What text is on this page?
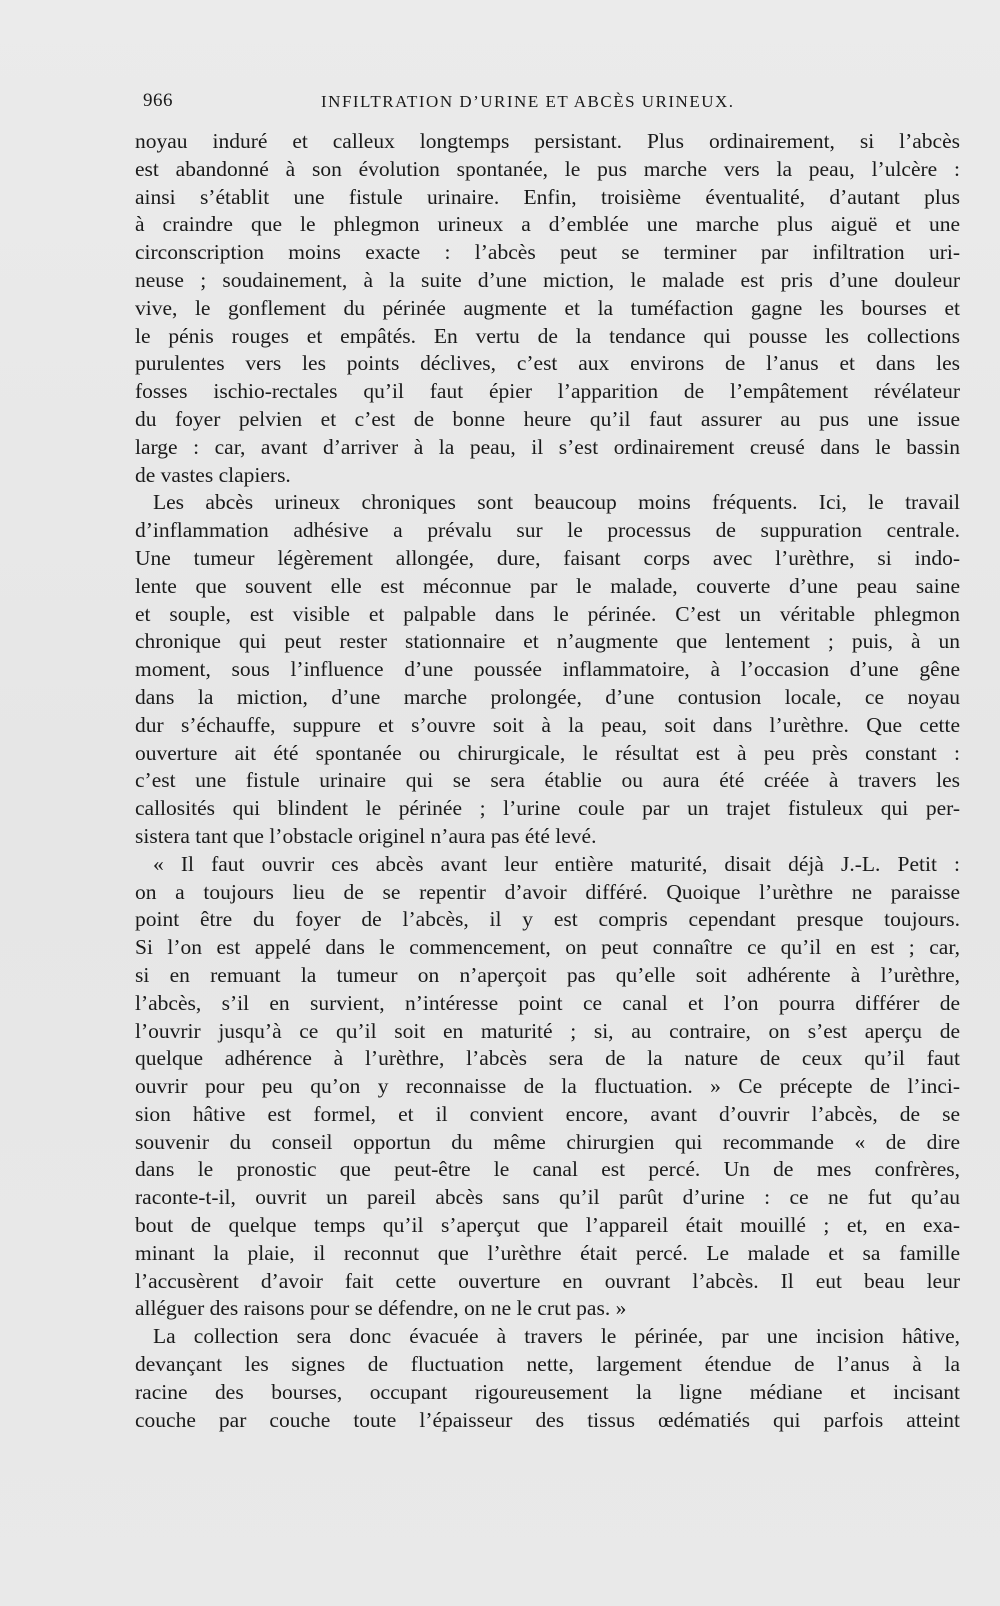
966	INFILTRATION D’URINE ET ABCÈS URINEUX.
noyau induré et calleux longtemps persistant. Plus ordinairement, si l’abcès
est abandonné à son évolution spontanée, le pus marche vers la peau, l’ulcère :
ainsi s’établit une fistule urinaire. Enfin, troisième éventualité, d’autant plus
à craindre que le phlegmon urineux a d’emblée une marche plus aiguë et une
circonscription moins exacte : l’abcès peut se terminer par infiltration uri-
neuse ; soudainement, à la suite d’une miction, le malade est pris d’une douleur
vive, le gonflement du périnée augmente et la tuméfaction gagne les bourses et
le pénis rouges et empâtés. En vertu de la tendance qui pousse les collections
purulentes vers les points déclives, c’est aux environs de l’anus et dans les
fosses ischio-rectales qu’il faut épier l’apparition de l’empâtement révélateur
du foyer pelvien et c’est de bonne heure qu’il faut assurer au pus une issue
large : car, avant d’arriver à la peau, il s’est ordinairement creusé dans le bassin
de vastes clapiers.
Les abcès urineux chroniques sont beaucoup moins fréquents. Ici, le travail
d’inflammation adhésive a prévalu sur le processus de suppuration centrale.
Une tumeur légèrement allongée, dure, faisant corps avec l’urèthre, si indo-
lente que souvent elle est méconnue par le malade, couverte d’une peau saine
et souple, est visible et palpable dans le périnée. C’est un véritable phlegmon
chronique qui peut rester stationnaire et n’augmente que lentement ; puis, à un
moment, sous l’influence d’une poussée inflammatoire, à l’occasion d’une gêne
dans la miction, d’une marche prolongée, d’une contusion locale, ce noyau
dur s’échauffe, suppure et s’ouvre soit à la peau, soit dans l’urèthre. Que cette
ouverture ait été spontanée ou chirurgicale, le résultat est à peu près constant :
c’est une fistule urinaire qui se sera établie ou aura été créée à travers les
callosités qui blindent le périnée ; l’urine coule par un trajet fistuleux qui per-
sistera tant que l’obstacle originel n’aura pas été levé.
« Il faut ouvrir ces abcès avant leur entière maturité, disait déjà J.-L. Petit :
on a toujours lieu de se repentir d’avoir différé. Quoique l’urèthre ne paraisse
point être du foyer de l’abcès, il y est compris cependant presque toujours.
Si l’on est appelé dans le commencement, on peut connaître ce qu’il en est ; car,
si en remuant la tumeur on n’aperçoit pas qu’elle soit adhérente à l’urèthre,
l’abcès, s’il en survient, n’intéresse point ce canal et l’on pourra différer de
l’ouvrir jusqu’à ce qu’il soit en maturité ; si, au contraire, on s’est aperçu de
quelque adhérence à l’urèthre, l’abcès sera de la nature de ceux qu’il faut
ouvrir pour peu qu’on y reconnaisse de la fluctuation. » Ce précepte de l’inci-
sion hâtive est formel, et il convient encore, avant d’ouvrir l’abcès, de se
souvenir du conseil opportun du même chirurgien qui recommande « de dire
dans le pronostic que peut-être le canal est percé. Un de mes confrères,
raconte-t-il, ouvrit un pareil abcès sans qu’il parût d’urine : ce ne fut qu’au
bout de quelque temps qu’il s’aperçut que l’appareil était mouillé ; et, en exa-
minant la plaie, il reconnut que l’urèthre était percé. Le malade et sa famille
l’accusèrent d’avoir fait cette ouverture en ouvrant l’abcès. Il eut beau leur
alléguer des raisons pour se défendre, on ne le crut pas. »
La collection sera donc évacuée à travers le périnée, par une incision hâtive,
devançant les signes de fluctuation nette, largement étendue de l’anus à la
racine des bourses, occupant rigoureusement la ligne médiane et incisant
couche par couche toute l’épaisseur des tissus œdématiés qui parfois atteint
